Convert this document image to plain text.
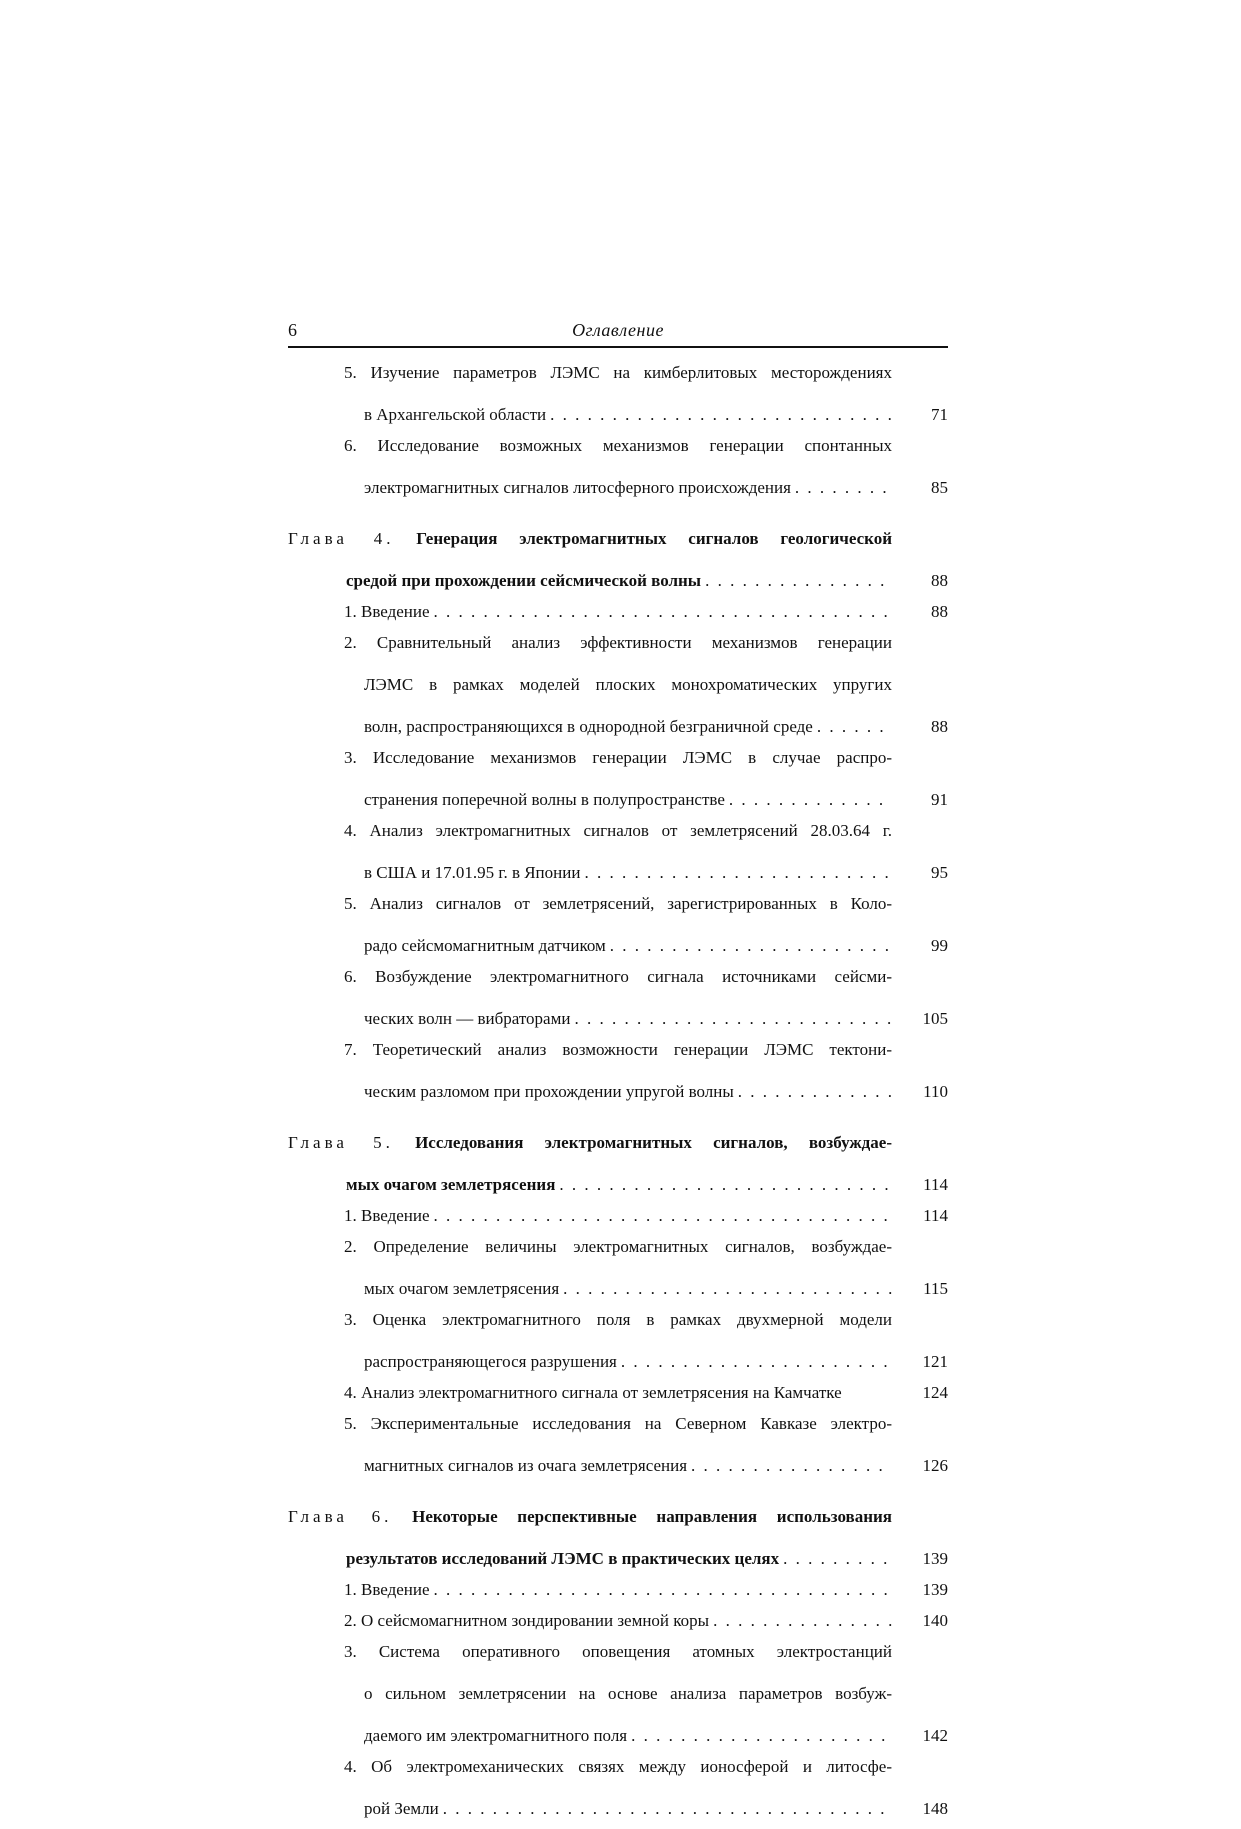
6	Оглавление
5. Изучение параметров ЛЭМС на кимберлитовых месторождениях

в Архангельской области . . .	71
6. Исследование возможных механизмов генерации спонтанных

электромагнитных сигналов литосферного происхождения . . .	85
Глава 4. Генерация электромагнитных сигналов геологической

средой при прохождении сейсмической волны . . .	88
1. Введение . . .	88
2. Сравнительный анализ эффективности механизмов генерации

ЛЭМС в рамках моделей плоских монохроматических упругих

волн, распространяющихся в однородной безграничной среде . . .	88
3. Исследование механизмов генерации ЛЭМС в случае распро-

странения поперечной волны в полупространстве . . .	91
4. Анализ электромагнитных сигналов от землетрясений 28.03.64 г.

в США и 17.01.95 г. в Японии . . .	95
5. Анализ сигналов от землетрясений, зарегистрированных в Коло-

радо сейсмомагнитным датчиком . . .	99
6. Возбуждение электромагнитного сигнала источниками сейсми-

ческих волн — вибраторами . . .	105
7. Теоретический анализ возможности генерации ЛЭМС тектони-

ческим разломом при прохождении упругой волны . . .	110
Глава 5. Исследования электромагнитных сигналов, возбуждае-

мых очагом землетрясения . . .	114
1. Введение . . .	114
2. Определение величины электромагнитных сигналов, возбуждае-

мых очагом землетрясения . . .	115
3. Оценка электромагнитного поля в рамках двухмерной модели

распространяющегося разрушения . . .	121
4. Анализ электромагнитного сигнала от землетрясения на Камчатке	124
5. Экспериментальные исследования на Северном Кавказе электро-

магнитных сигналов из очага землетрясения . . .	126
Глава 6. Некоторые перспективные направления использования

результатов исследований ЛЭМС в практических целях . . .	139
1. Введение . . .	139
2. О сейсмомагнитном зондировании земной коры . . .	140
3. Система оперативного оповещения атомных электростанций

о сильном землетрясении на основе анализа параметров возбуж-

даемого им электромагнитного поля . . .	142
4. Об электромеханических связях между ионосферой и литосфе-

рой Земли . . .	148
